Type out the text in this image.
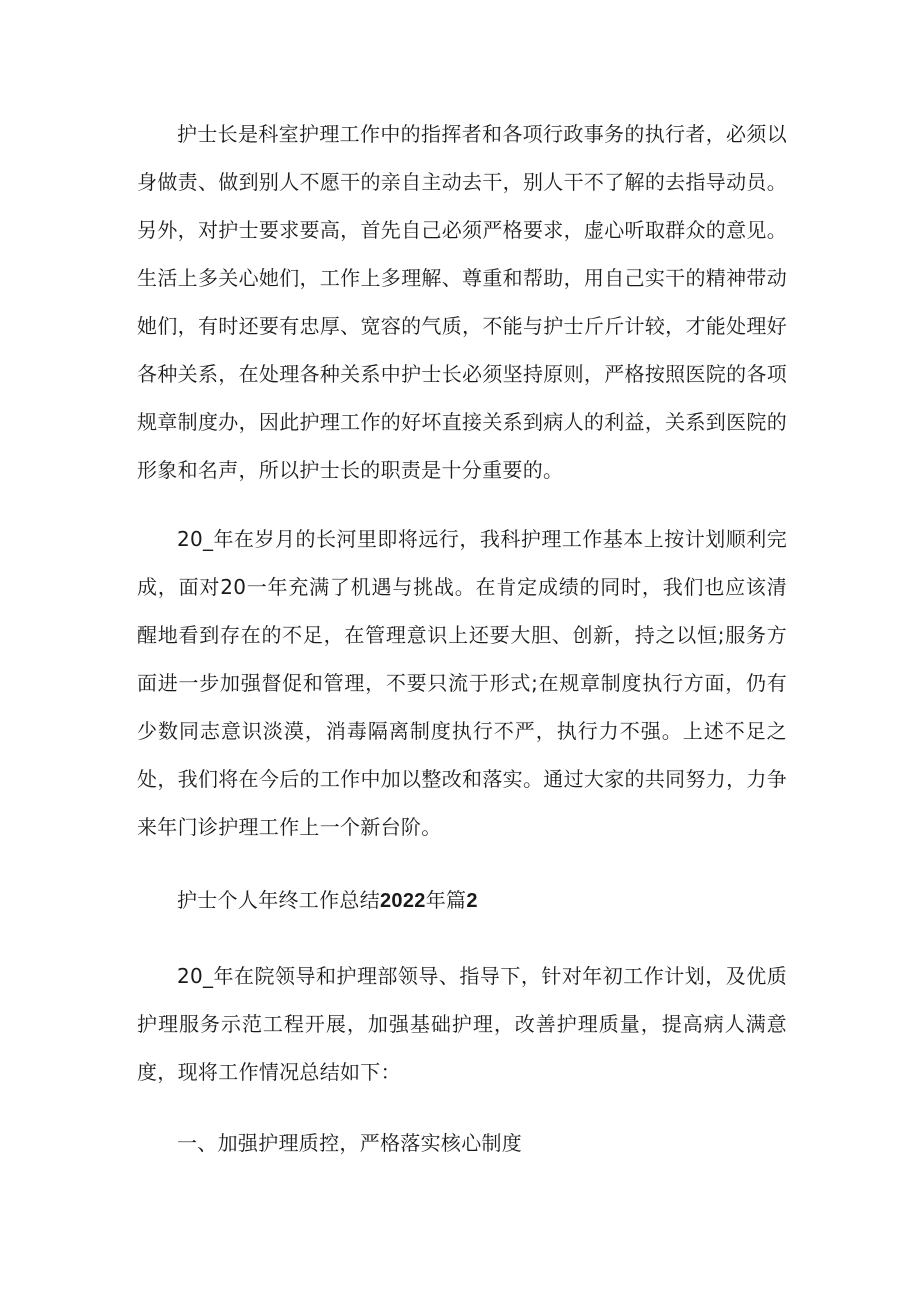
护士长是科室护理工作中的指挥者和各项行政事务的执行者，必须以身做责、做到别人不愿干的亲自主动去干，别人干不了解的去指导动员。另外，对护士要求要高，首先自己必须严格要求，虚心听取群众的意见。生活上多关心她们，工作上多理解、尊重和帮助，用自己实干的精神带动她们，有时还要有忠厚、宽容的气质，不能与护士斤斤计较，才能处理好各种关系，在处理各种关系中护士长必须坚持原则，严格按照医院的各项规章制度办，因此护理工作的好坏直接关系到病人的利益，关系到医院的形象和名声，所以护士长的职责是十分重要的。

20_年在岁月的长河里即将远行，我科护理工作基本上按计划顺利完成，面对20一年充满了机遇与挑战。在肯定成绩的同时，我们也应该清醒地看到存在的不足，在管理意识上还要大胆、创新，持之以恒;服务方面进一步加强督促和管理，不要只流于形式;在规章制度执行方面，仍有少数同志意识淡漠，消毒隔离制度执行不严，执行力不强。上述不足之处，我们将在今后的工作中加以整改和落实。通过大家的共同努力，力争来年门诊护理工作上一个新台阶。

护士个人年终工作总结2022年篇2

20_年在院领导和护理部领导、指导下，针对年初工作计划，及优质护理服务示范工程开展，加强基础护理，改善护理质量，提高病人满意度，现将工作情况总结如下：

一、加强护理质控，严格落实核心制度
